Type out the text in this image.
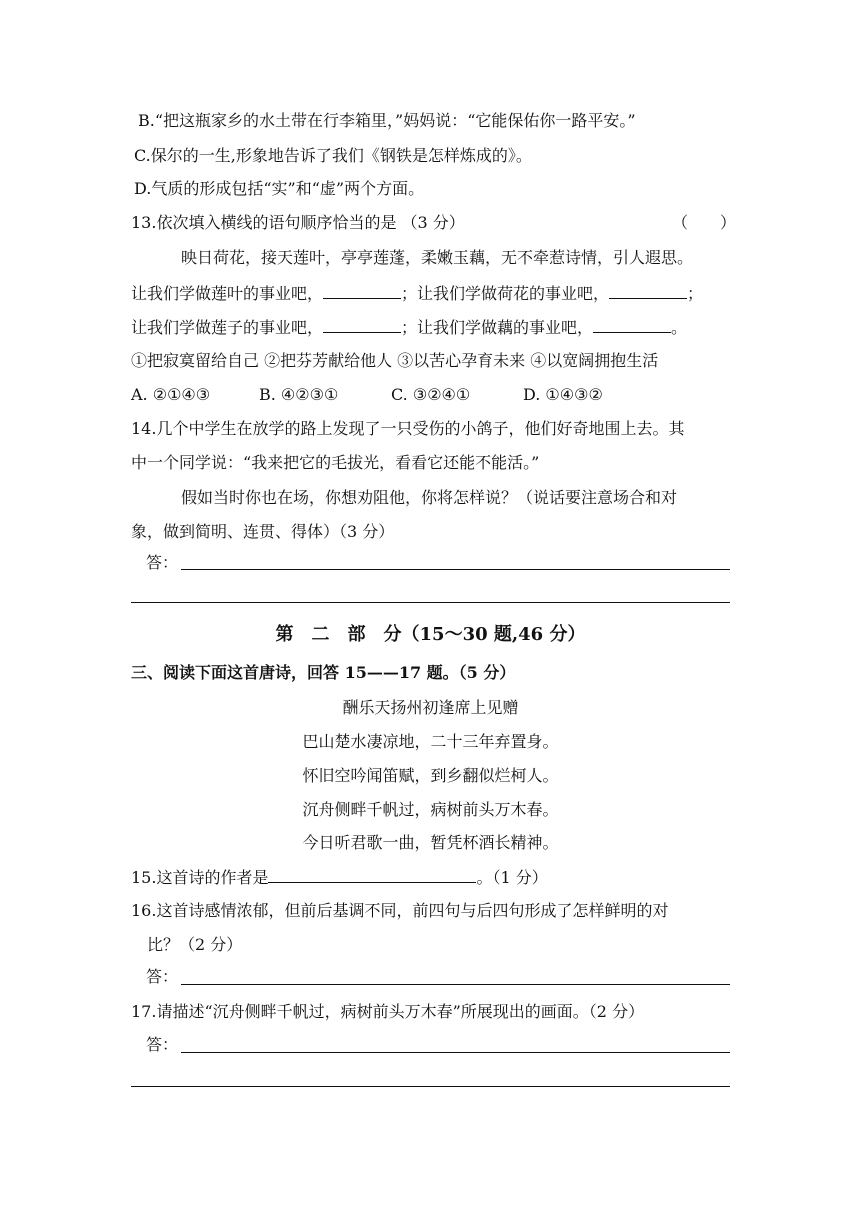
B.“把这瓶家乡的水土带在行李箱里，”妈妈说：“它能保佑你一路平安。”
C.保尔的一生,形象地告诉了我们《钢铁是怎样炼成的》。
D.气质的形成包括“实”和“虚”两个方面。
13.依次填入横线的语句顺序恰当的是 （3 分）	（　　）
映日荷花，接天莲叶，亭亭莲蓬，柔嫩玉藕，无不牵惹诗情，引人遐思。
让我们学做莲叶的事业吧，	；让我们学做荷花的事业吧，	；
让我们学做莲子的事业吧，	；让我们学做藕的事业吧，	。
①把寂寞留给自己 ②把芬芳献给他人 ③以苦心孕育未来 ④以宽阔拥抱生活
A. ②①④③	B. ④②③①	C. ③②④①	D. ①④③②
14.几个中学生在放学的路上发现了一只受伤的小鸽子，他们好奇地围上去。其
中一个同学说：“我来把它的毛拔光，看看它还能不能活。”
假如当时你也在场，你想劝阻他，你将怎样说？（说话要注意场合和对
象，做到简明、连贯、得体）（3 分）
答：
第　二　部　分（15～30 题,46 分）
三、阅读下面这首唐诗，回答 15——17 题。（5 分）
酬乐天扬州初逢席上见赠
巴山楚水凄凉地，二十三年弃置身。
怀旧空吟闻笛赋，到乡翻似烂柯人。
沉舟侧畔千帆过，病树前头万木春。
今日听君歌一曲，暂凭杯酒长精神。
15.这首诗的作者是	。（1 分）
16.这首诗感情浓郁，但前后基调不同，前四句与后四句形成了怎样鲜明的对
比？（2 分）
答：
17.请描述“沉舟侧畔千帆过，病树前头万木春”所展现出的画面。（2 分）
答：
